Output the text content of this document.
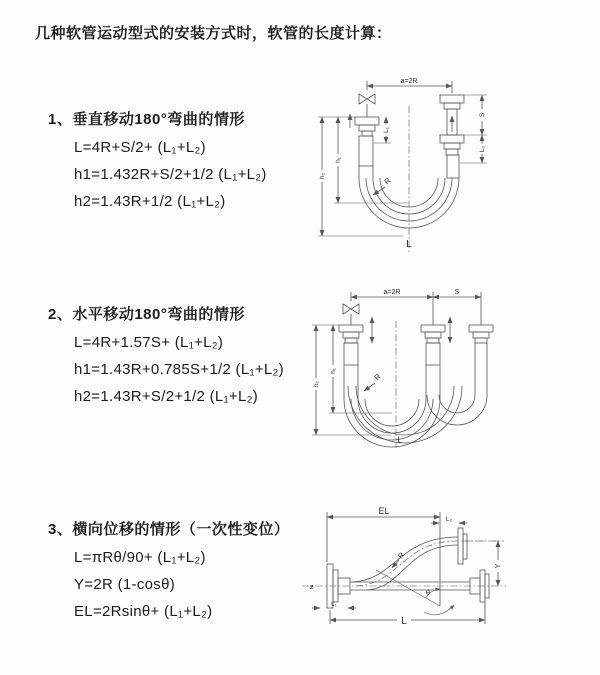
几种软管运动型式的安装方式时，软管的长度计算：
1、垂直移动180°弯曲的情形
L=4R+S/2+ (L₁+L₂)
h1=1.432R+S/2+1/2 (L₁+L₂)
h2=1.43R+1/2 (L₁+L₂)
2、水平移动180°弯曲的情形
L=4R+1.57S+ (L₁+L₂)
h1=1.43R+0.785S+1/2 (L₁+L₂)
h2=1.43R+S/2+1/2 (L₁+L₂)
3、横向位移的情形（一次性变位）
L=πRθ/90+ (L₁+L₂)
Y=2R (1-cosθ)
EL=2Rsinθ+ (L₁+L₂)
a=2R
L₁
S
L₂
h₁
h₂	R
L
a=2R	S
h₁
h₂
R
L
EL
L₂
ƶ
θ
R
Y
L₁
L
